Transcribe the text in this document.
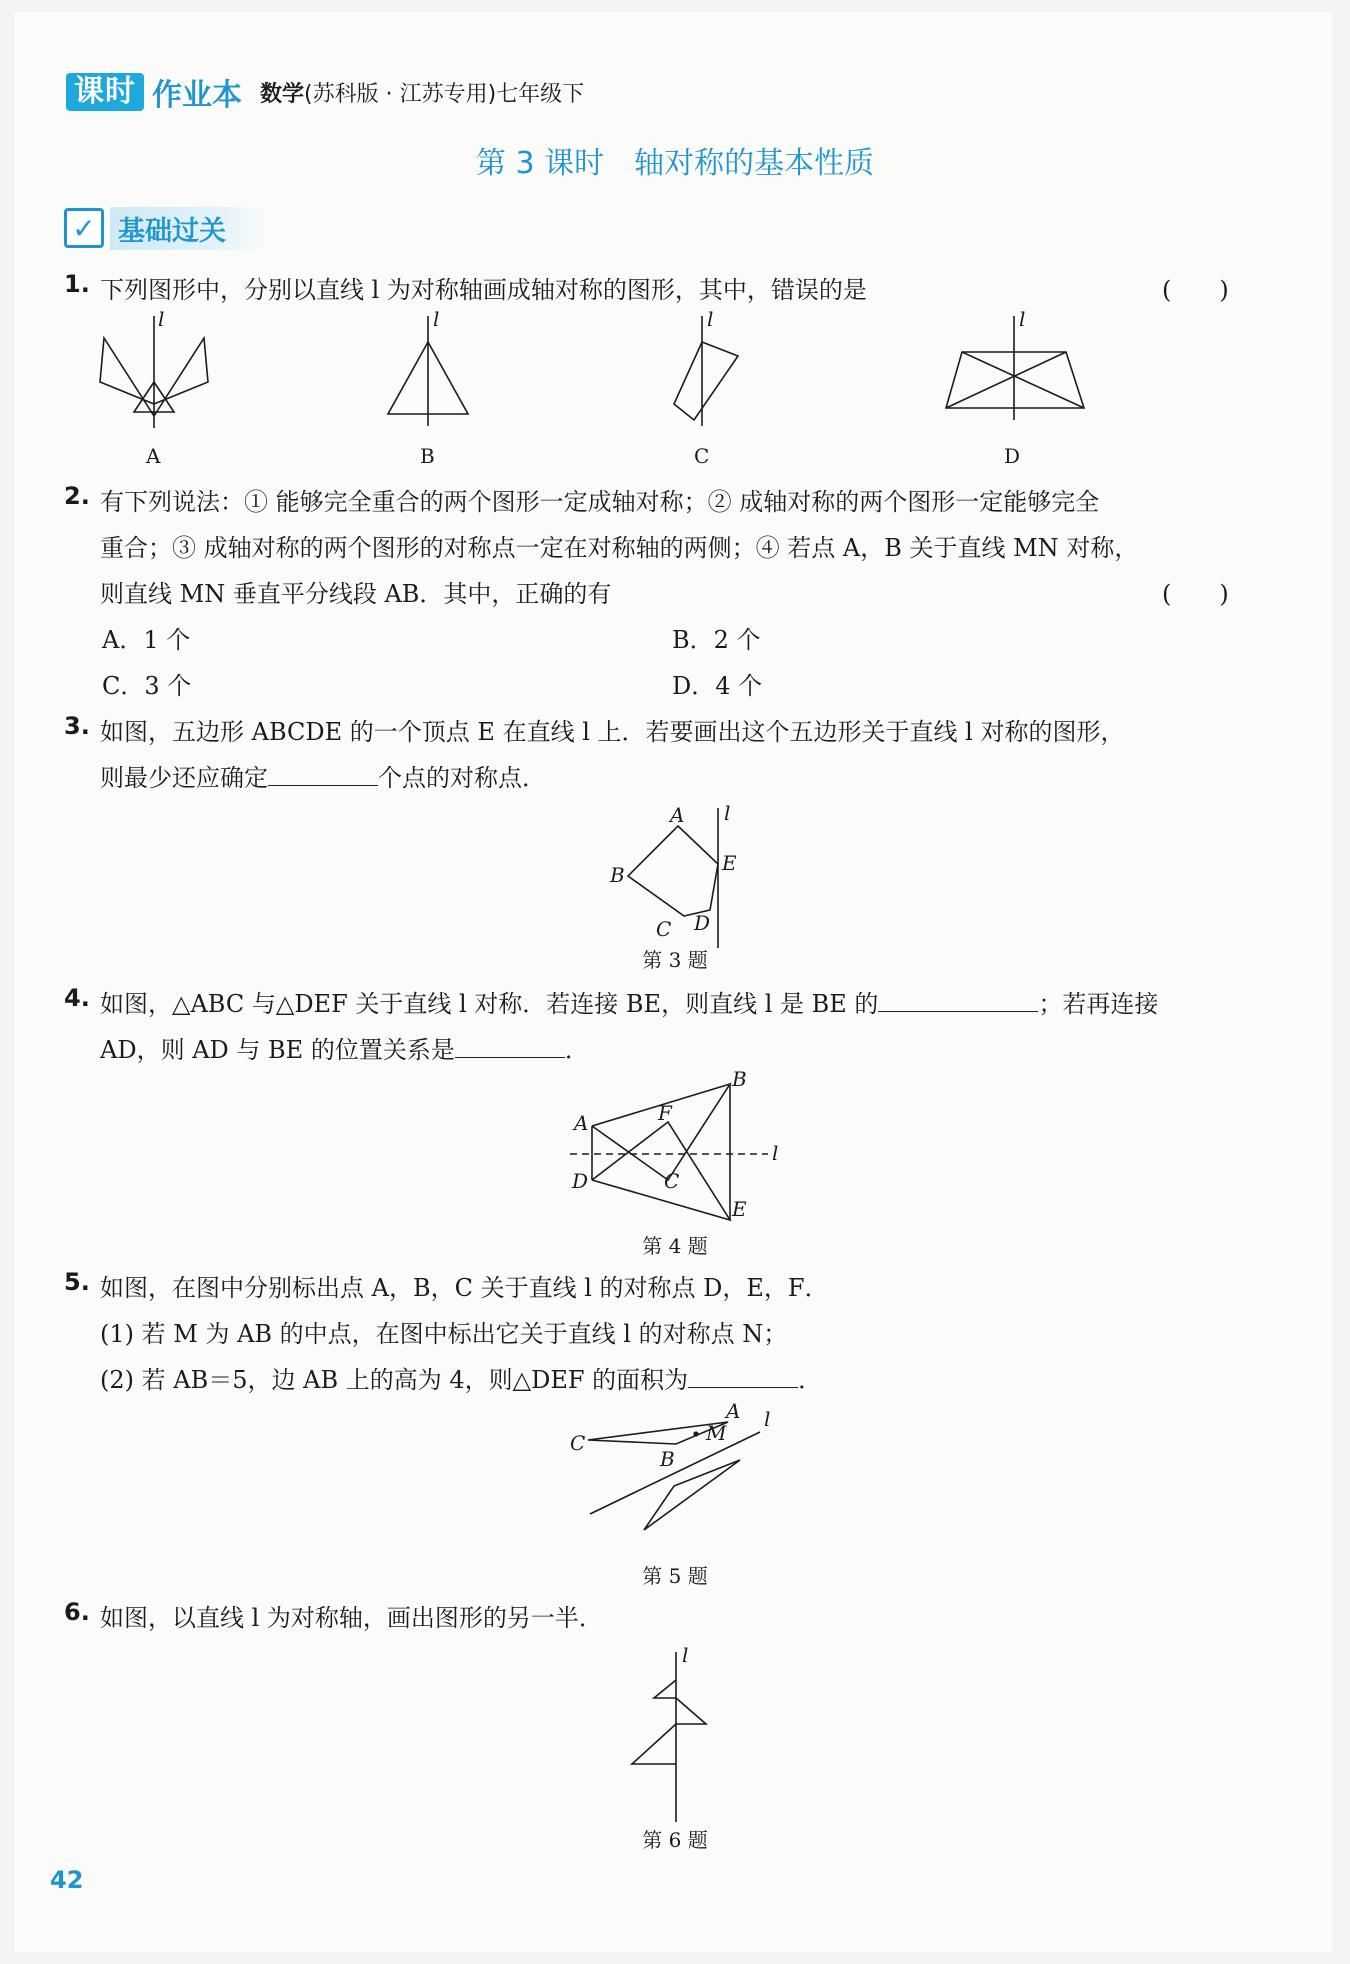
课时 作业本 数学(苏科版 · 江苏专用)七年级下
第 3 课时　轴对称的基本性质
✓ 基础过关
1. 下列图形中，分别以直线 l 为对称轴画成轴对称的图形，其中，错误的是	(　　)
l	l	l	l
A	B	C	D
2. 有下列说法：① 能够完全重合的两个图形一定成轴对称；② 成轴对称的两个图形一定能够完全
重合；③ 成轴对称的两个图形的对称点一定在对称轴的两侧；④ 若点 A，B 关于直线 MN 对称，
则直线 MN 垂直平分线段 AB．其中，正确的有	(　　)
A．1 个	B．2 个
C．3 个	D．4 个
3. 如图，五边形 ABCDE 的一个顶点 E 在直线 l 上．若要画出这个五边形关于直线 l 对称的图形，
则最少还应确定	个点的对称点．
A
B
C D
E
l
第 3 题
4. 如图，△ABC 与△DEF 关于直线 l 对称．若连接 BE，则直线 l 是 BE 的	；若再连接
AD，则 AD 与 BE 的位置关系是	．
A
B
C
D
E
F
l
第 4 题
5. 如图，在图中分别标出点 A，B，C 关于直线 l 的对称点 D，E，F．
(1) 若 M 为 AB 的中点，在图中标出它关于直线 l 的对称点 N；
(2) 若 AB＝5，边 AB 上的高为 4，则△DEF 的面积为	．
C
A
B
M
l
第 5 题
6. 如图，以直线 l 为对称轴，画出图形的另一半．
l
第 6 题
42
